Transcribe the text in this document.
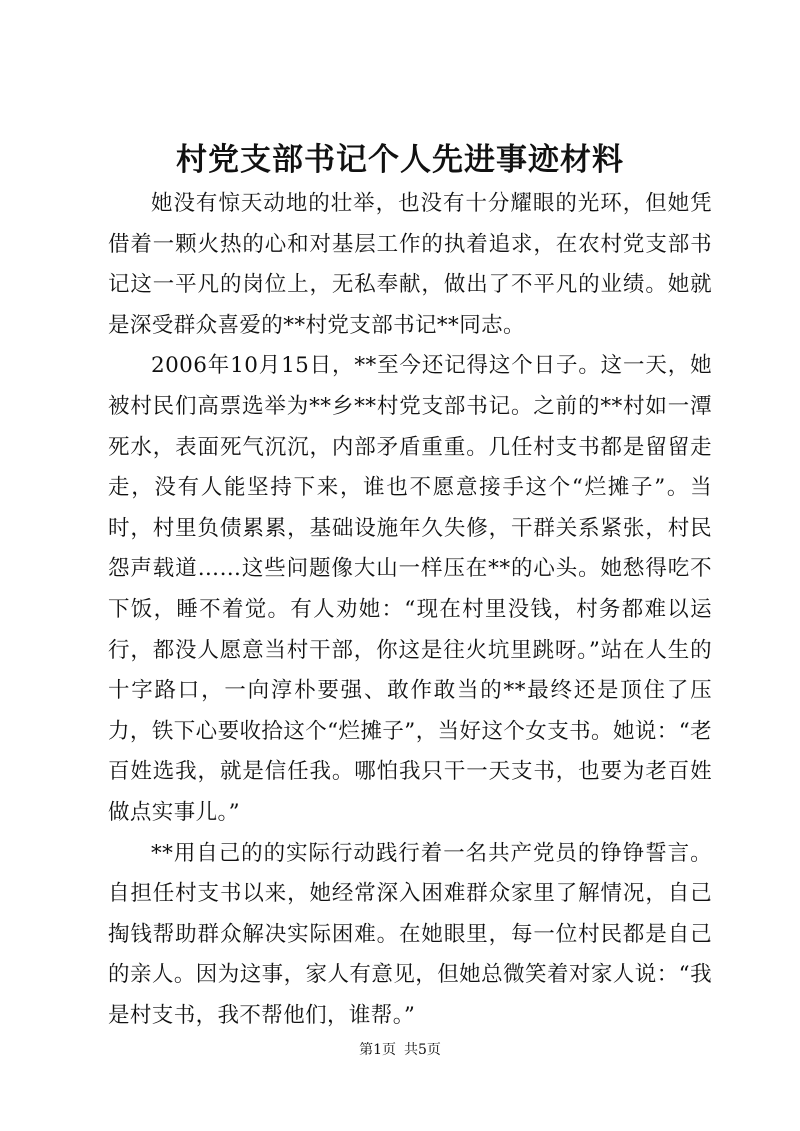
村党支部书记个人先进事迹材料

她没有惊天动地的壮举，也没有十分耀眼的光环，但她凭借着一颗火热的心和对基层工作的执着追求，在农村党支部书记这一平凡的岗位上，无私奉献，做出了不平凡的业绩。她就是深受群众喜爱的**村党支部书记**同志。

2006年10月15日，**至今还记得这个日子。这一天，她被村民们高票选举为**乡**村党支部书记。之前的**村如一潭死水，表面死气沉沉，内部矛盾重重。几任村支书都是留留走走，没有人能坚持下来，谁也不愿意接手这个“烂摊子”。当时，村里负债累累，基础设施年久失修，干群关系紧张，村民怨声载道……这些问题像大山一样压在**的心头。她愁得吃不下饭，睡不着觉。有人劝她：“现在村里没钱，村务都难以运行，都没人愿意当村干部，你这是往火坑里跳呀。”站在人生的十字路口，一向淳朴要强、敢作敢当的**最终还是顶住了压力，铁下心要收拾这个“烂摊子”，当好这个女支书。她说：“老百姓选我，就是信任我。哪怕我只干一天支书，也要为老百姓做点实事儿。”

**用自己的的实际行动践行着一名共产党员的铮铮誓言。自担任村支书以来，她经常深入困难群众家里了解情况，自己掏钱帮助群众解决实际困难。在她眼里，每一位村民都是自己的亲人。因为这事，家人有意见，但她总微笑着对家人说：“我是村支书，我不帮他们，谁帮。”

第1页 共5页
